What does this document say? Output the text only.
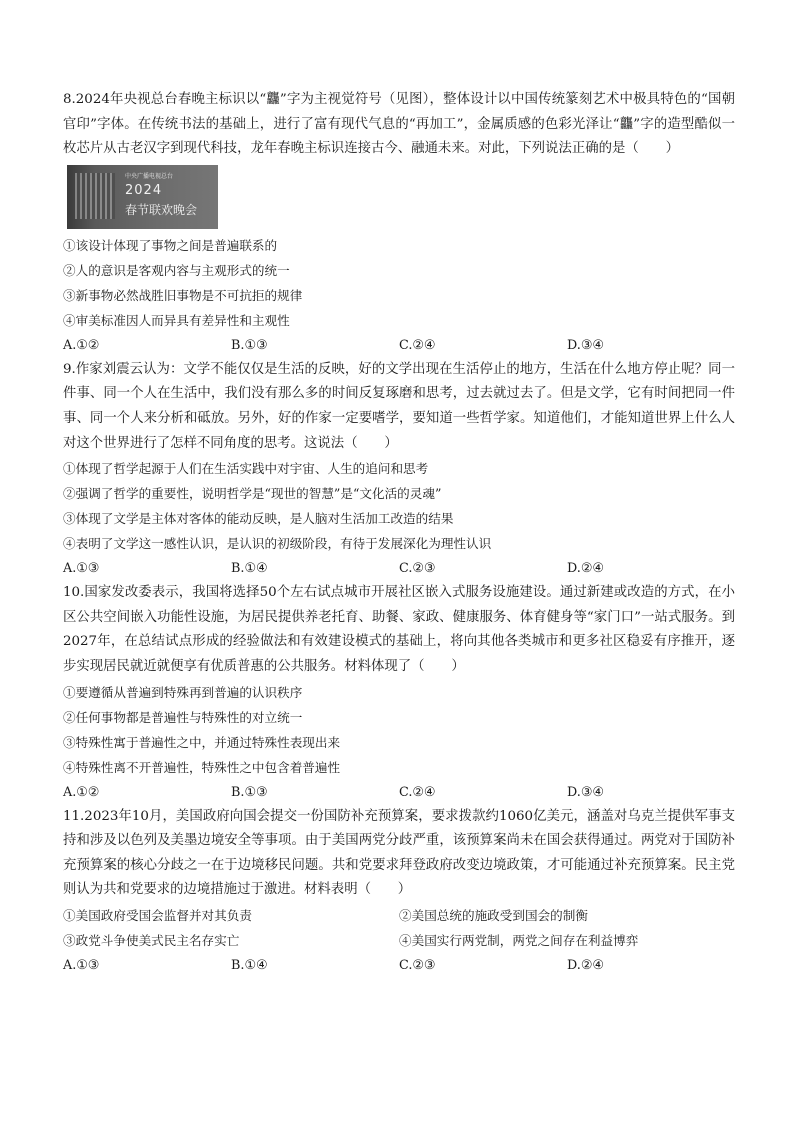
8.2024年央视总台春晚主标识以“龘”字为主视觉符号（见图），整体设计以中国传统篆刻艺术中极具特色的“国朝官印”字体。在传统书法的基础上，进行了富有现代气息的“再加工”，金属质感的色彩光泽让“龘”字的造型酷似一枚芯片从古老汉字到现代科技，龙年春晚主标识连接古今、融通未来。对此，下列说法正确的是（　　）

中央广播电视总台
2024
春节联欢晚会

①该设计体现了事物之间是普遍联系的

②人的意识是客观内容与主观形式的统一

③新事物必然战胜旧事物是不可抗拒的规律

④审美标准因人而异具有差异性和主观性

A.①②	B.①③	C.②④	D.③④

9.作家刘震云认为：文学不能仅仅是生活的反映，好的文学出现在生活停止的地方，生活在什么地方停止呢？同一件事、同一个人在生活中，我们没有那么多的时间反复琢磨和思考，过去就过去了。但是文学，它有时间把同一件事、同一个人来分析和砥放。另外，好的作家一定要嗜学，要知道一些哲学家。知道他们，才能知道世界上什么人对这个世界进行了怎样不同角度的思考。这说法（　　）

①体现了哲学起源于人们在生活实践中对宇宙、人生的追问和思考

②强调了哲学的重要性，说明哲学是“现世的智慧”是“文化活的灵魂”

③体现了文学是主体对客体的能动反映，是人脑对生活加工改造的结果

④表明了文学这一感性认识，是认识的初级阶段，有待于发展深化为理性认识

A.①③	B.①④	C.②③	D.②④

10.国家发改委表示，我国将选择50个左右试点城市开展社区嵌入式服务设施建设。通过新建或改造的方式，在小区公共空间嵌入功能性设施，为居民提供养老托育、助餐、家政、健康服务、体育健身等“家门口”一站式服务。到2027年，在总结试点形成的经验做法和有效建设模式的基础上，将向其他各类城市和更多社区稳妥有序推开，逐步实现居民就近就便享有优质普惠的公共服务。材料体现了（　　）

①要遵循从普遍到特殊再到普遍的认识秩序

②任何事物都是普遍性与特殊性的对立统一

③特殊性寓于普遍性之中，并通过特殊性表现出来

④特殊性离不开普遍性，特殊性之中包含着普遍性

A.①②	B.①③	C.②④	D.③④

11.2023年10月，美国政府向国会提交一份国防补充预算案，要求拨款约1060亿美元，涵盖对乌克兰提供军事支持和涉及以色列及美墨边境安全等事项。由于美国两党分歧严重，该预算案尚未在国会获得通过。两党对于国防补充预算案的核心分歧之一在于边境移民问题。共和党要求拜登政府改变边境政策，才可能通过补充预算案。民主党则认为共和党要求的边境措施过于激进。材料表明（　　）

①美国政府受国会监督并对其负责	②美国总统的施政受到国会的制衡
③政党斗争使美式民主名存实亡	④美国实行两党制，两党之间存在利益博弈
A.①③	B.①④	C.②③	D.②④
